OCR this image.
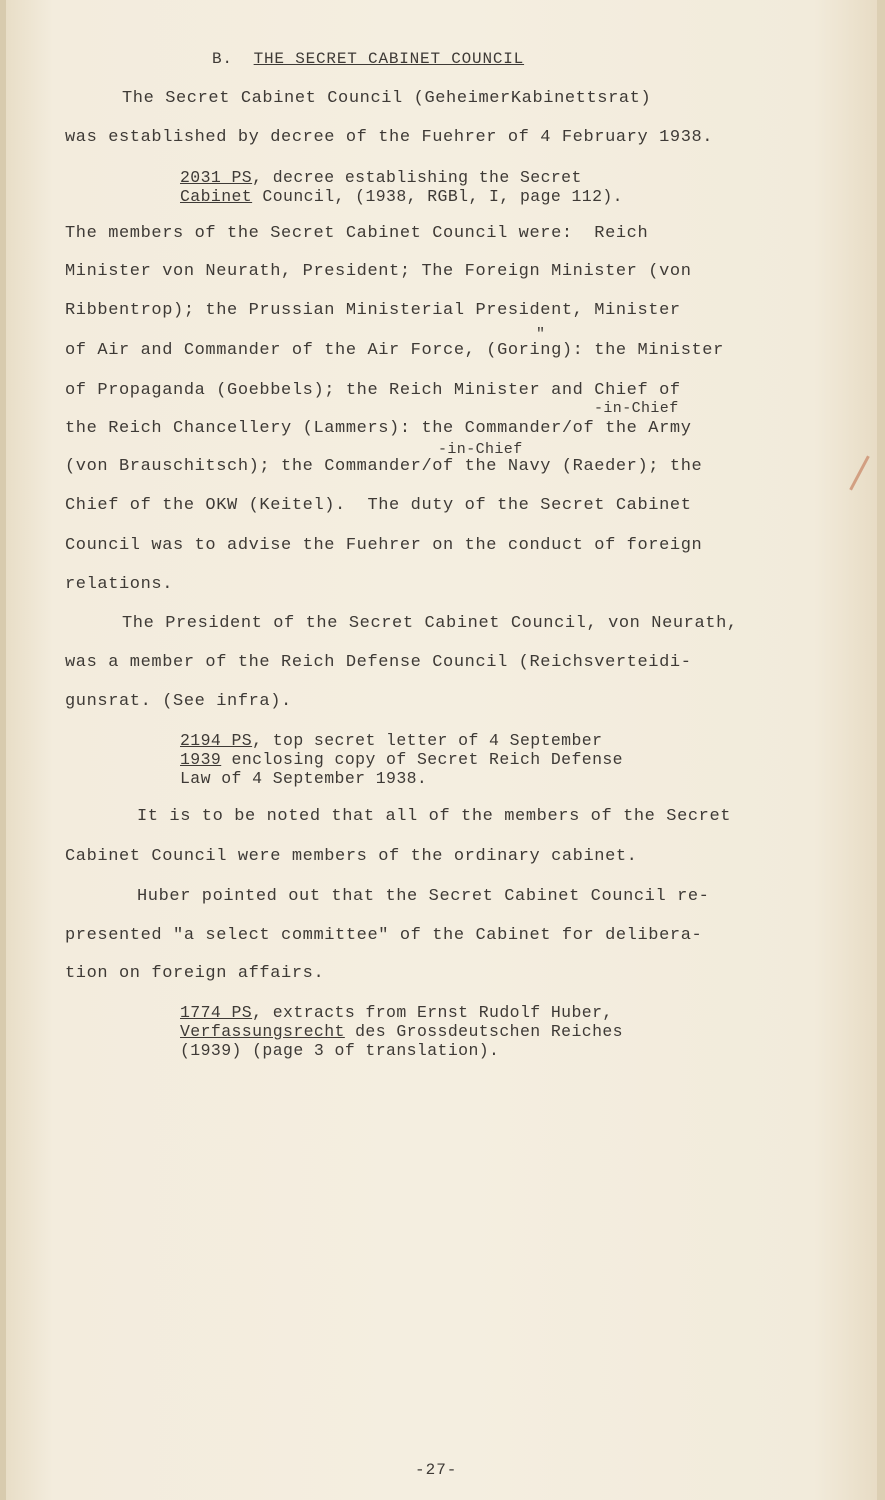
B. THE SECRET CABINET COUNCIL
The Secret Cabinet Council (GeheimerKabinettsrat)
was established by decree of the Fuehrer of 4 February 1938.
2031 PS, decree establishing the Secret
Cabinet Council, (1938, RGBl, I, page 112).
The members of the Secret Cabinet Council were:  Reich
Minister von Neurath, President; The Foreign Minister (von
Ribbentrop); the Prussian Ministerial President, Minister
"
of Air and Commander of the Air Force, (Goring): the Minister
of Propaganda (Goebbels); the Reich Minister and Chief of
-in-Chief
the Reich Chancellery (Lammers): the Commander/of the Army
-in-Chief
(von Brauschitsch); the Commander/of the Navy (Raeder); the
Chief of the OKW (Keitel).  The duty of the Secret Cabinet
Council was to advise the Fuehrer on the conduct of foreign
relations.
The President of the Secret Cabinet Council, von Neurath,
was a member of the Reich Defense Council (Reichsverteidi-
gunsrat. (See infra).
2194 PS, top secret letter of 4 September
1939 enclosing copy of Secret Reich Defense
Law of 4 September 1938.
It is to be noted that all of the members of the Secret
Cabinet Council were members of the ordinary cabinet.
Huber pointed out that the Secret Cabinet Council re-
presented "a select committee" of the Cabinet for delibera-
tion on foreign affairs.
1774 PS, extracts from Ernst Rudolf Huber,
Verfassungsrecht des Grossdeutschen Reiches
(1939) (page 3 of translation).
-27-
